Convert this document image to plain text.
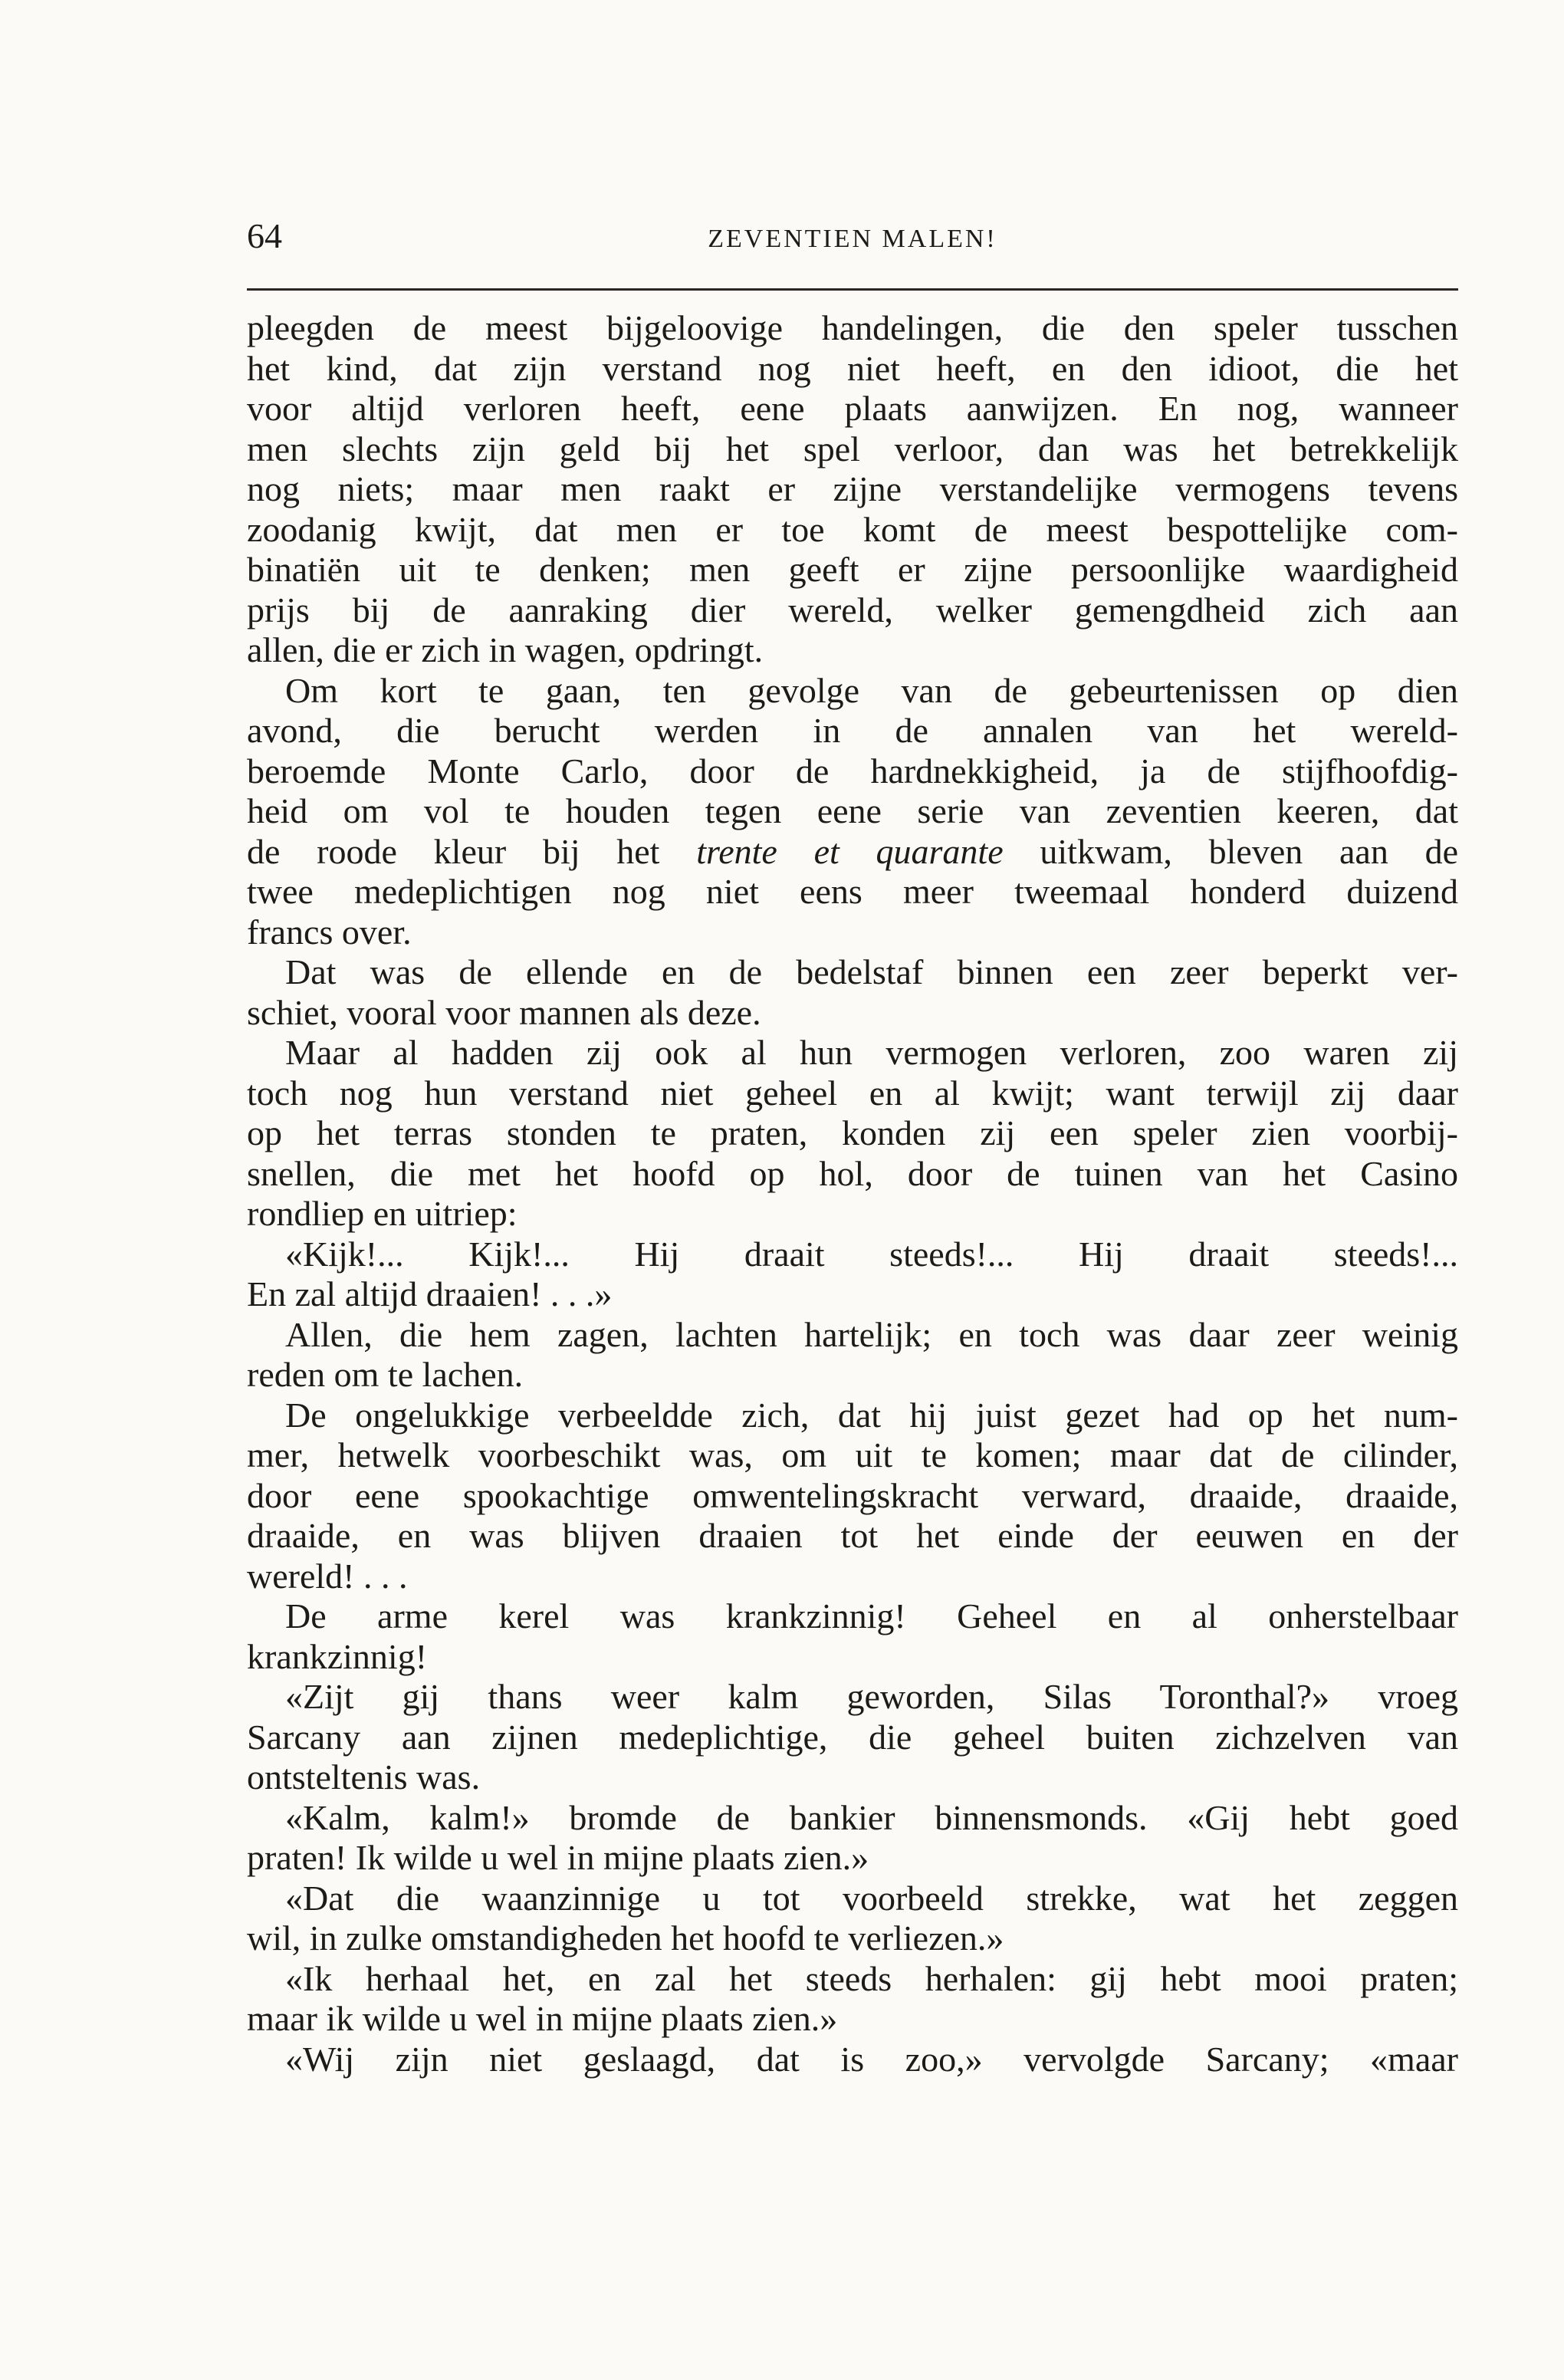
64	ZEVENTIEN MALEN!
pleegden de meest bijgeloovige handelingen, die den speler tusschen
het kind, dat zijn verstand nog niet heeft, en den idioot, die het
voor altijd verloren heeft, eene plaats aanwijzen. En nog, wanneer
men slechts zijn geld bij het spel verloor, dan was het betrekkelijk
nog niets; maar men raakt er zijne verstandelijke vermogens tevens
zoodanig kwijt, dat men er toe komt de meest bespottelijke com-
binatiën uit te denken; men geeft er zijne persoonlijke waardigheid
prijs bij de aanraking dier wereld, welker gemengdheid zich aan
allen, die er zich in wagen, opdringt.
Om kort te gaan, ten gevolge van de gebeurtenissen op dien
avond, die berucht werden in de annalen van het wereld-
beroemde Monte Carlo, door de hardnekkigheid, ja de stijfhoofdig-
heid om vol te houden tegen eene serie van zeventien keeren, dat
de roode kleur bij het trente et quarante uitkwam, bleven aan de
twee medeplichtigen nog niet eens meer tweemaal honderd duizend
francs over.
Dat was de ellende en de bedelstaf binnen een zeer beperkt ver-
schiet, vooral voor mannen als deze.
Maar al hadden zij ook al hun vermogen verloren, zoo waren zij
toch nog hun verstand niet geheel en al kwijt; want terwijl zij daar
op het terras stonden te praten, konden zij een speler zien voorbij-
snellen, die met het hoofd op hol, door de tuinen van het Casino
rondliep en uitriep:
«Kijk!... Kijk!... Hij draait steeds!... Hij draait steeds!...
En zal altijd draaien! . . .»
Allen, die hem zagen, lachten hartelijk; en toch was daar zeer weinig
reden om te lachen.
De ongelukkige verbeeldde zich, dat hij juist gezet had op het num-
mer, hetwelk voorbeschikt was, om uit te komen; maar dat de cilinder,
door eene spookachtige omwentelingskracht verward, draaide, draaide,
draaide, en was blijven draaien tot het einde der eeuwen en der
wereld! . . .
De arme kerel was krankzinnig! Geheel en al onherstelbaar
krankzinnig!
«Zijt gij thans weer kalm geworden, Silas Toronthal?» vroeg
Sarcany aan zijnen medeplichtige, die geheel buiten zichzelven van
ontsteltenis was.
«Kalm, kalm!» bromde de bankier binnensmonds. «Gij hebt goed
praten! Ik wilde u wel in mijne plaats zien.»
«Dat die waanzinnige u tot voorbeeld strekke, wat het zeggen
wil, in zulke omstandigheden het hoofd te verliezen.»
«Ik herhaal het, en zal het steeds herhalen: gij hebt mooi praten;
maar ik wilde u wel in mijne plaats zien.»
«Wij zijn niet geslaagd, dat is zoo,» vervolgde Sarcany; «maar
